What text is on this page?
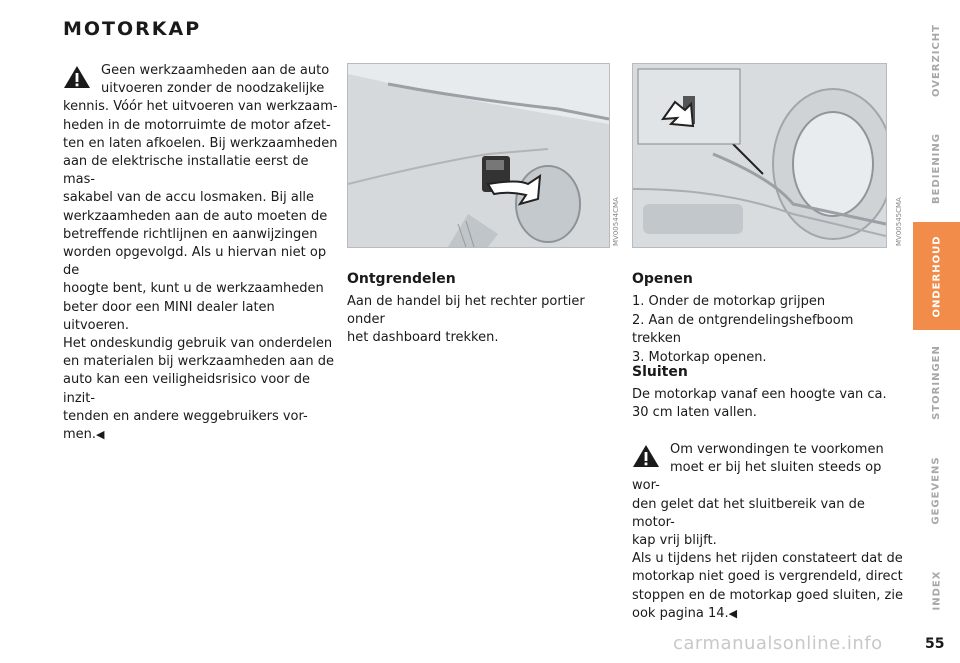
MOTORKAP
Geen werkzaamheden aan de auto
uitvoeren zonder de noodzakelijke
kennis. Vóór het uitvoeren van werkzaam-
heden in de motorruimte de motor afzet-
ten en laten afkoelen. Bij werkzaamheden
aan de elektrische installatie eerst de mas-
sakabel van de accu losmaken. Bij alle
werkzaamheden aan de auto moeten de
betreffende richtlijnen en aanwijzingen
worden opgevolgd. Als u hiervan niet op de
hoogte bent, kunt u de werkzaamheden
beter door een MINI dealer laten uitvoeren.
Het ondeskundig gebruik van onderdelen
en materialen bij werkzaamheden aan de
auto kan een veiligheidsrisico voor de inzit-
tenden en andere weggebruikers vor-
men.◀
MV00544CMA	MV00545CMA
Ontgrendelen
Aan de handel bij het rechter portier onder
het dashboard trekken.
Openen
1. Onder de motorkap grijpen
2. Aan de ontgrendelingshefboom trekken
3. Motorkap openen.
Sluiten
De motorkap vanaf een hoogte van ca.
30 cm laten vallen.
Om verwondingen te voorkomen
moet er bij het sluiten steeds op wor-
den gelet dat het sluitbereik van de motor-
kap vrij blijft.
Als u tijdens het rijden constateert dat de
motorkap niet goed is vergrendeld, direct
stoppen en de motorkap goed sluiten, zie
ook pagina 14.◀
OVERZICHT
BEDIENING
ONDERHOUD
STORINGEN
GEGEVENS
INDEX
carmanualsonline.info	55
